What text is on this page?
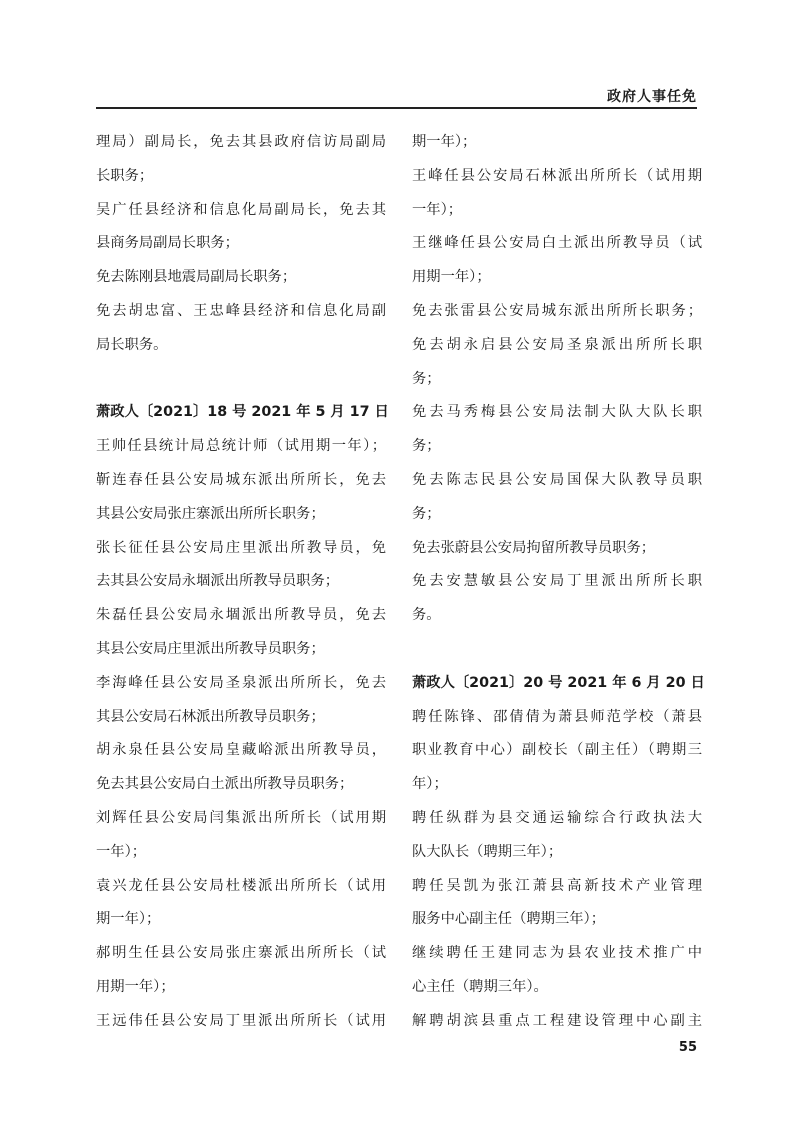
政府人事任免
理局）副局长，免去其县政府信访局副局
长职务；
吴广任县经济和信息化局副局长，免去其
县商务局副局长职务；
免去陈刚县地震局副局长职务；
免去胡忠富、王忠峰县经济和信息化局副
局长职务。
萧政人〔2021〕18 号 2021 年 5 月 17 日
王帅任县统计局总统计师（试用期一年）；
靳连春任县公安局城东派出所所长，免去
其县公安局张庄寨派出所所长职务；
张长征任县公安局庄里派出所教导员，免
去其县公安局永堌派出所教导员职务；
朱磊任县公安局永堌派出所教导员，免去
其县公安局庄里派出所教导员职务；
李海峰任县公安局圣泉派出所所长，免去
其县公安局石林派出所教导员职务；
胡永泉任县公安局皇藏峪派出所教导员，
免去其县公安局白土派出所教导员职务；
刘辉任县公安局闫集派出所所长（试用期
一年）；
袁兴龙任县公安局杜楼派出所所长（试用
期一年）；
郝明生任县公安局张庄寨派出所所长（试
用期一年）；
王远伟任县公安局丁里派出所所长（试用
期一年）；
王峰任县公安局石林派出所所长（试用期
一年）；
王继峰任县公安局白土派出所教导员（试
用期一年）；
免去张雷县公安局城东派出所所长职务；
免去胡永启县公安局圣泉派出所所长职
务；
免去马秀梅县公安局法制大队大队长职
务；
免去陈志民县公安局国保大队教导员职
务；
免去张蔚县公安局拘留所教导员职务；
免去安慧敏县公安局丁里派出所所长职
务。
萧政人〔2021〕20 号 2021 年 6 月 20 日
聘任陈锋、邵倩倩为萧县师范学校（萧县
职业教育中心）副校长（副主任）（聘期三
年）；
聘任纵群为县交通运输综合行政执法大
队大队长（聘期三年）；
聘任吴凯为张江萧县高新技术产业管理
服务中心副主任（聘期三年）；
继续聘任王建同志为县农业技术推广中
心主任（聘期三年）。
解聘胡滨县重点工程建设管理中心副主
55
